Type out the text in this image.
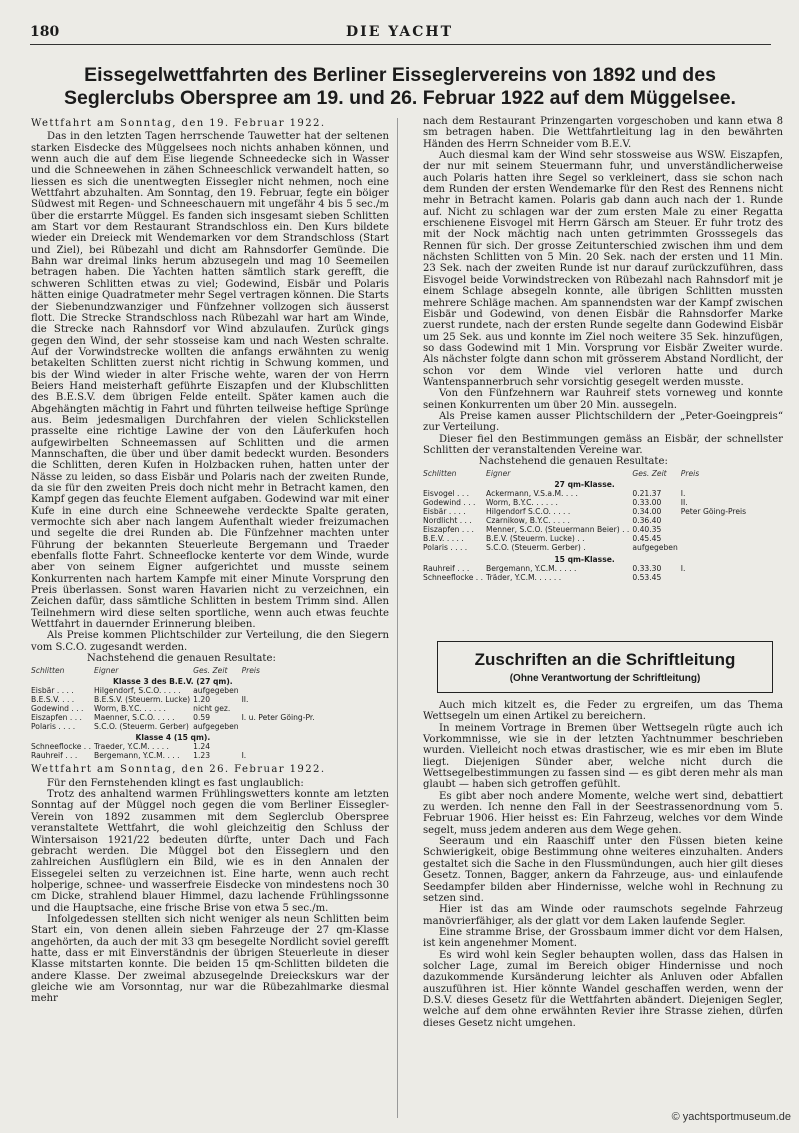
180	DIE YACHT
Eissegelwettfahrten des Berliner Eisseglervereins von 1892 und des Seglerclubs Oberspree am 19. und 26. Februar 1922 auf dem Müggelsee.

Wettfahrt am Sonntag, den 19. Februar 1922.

Das in den letzten Tagen herrschende Tauwetter hat der seltenen starken Eisdecke des Müggelsees noch nichts anhaben können, und wenn auch die auf dem Eise liegende Schneedecke sich in Wasser und die Schneewehen in zähen Schneeschlick verwandelt hatten, so liessen es sich die unentwegten Eissegler nicht nehmen, noch eine Wettfahrt abzuhalten. Am Sonntag, den 19. Februar, fegte ein böiger Südwest mit Regen- und Schneeschauern mit ungefähr 4 bis 5 sec./m über die erstarrte Müggel. Es fanden sich insgesamt sieben Schlitten am Start vor dem Restaurant Strandschloss ein. Den Kurs bildete wieder ein Dreieck mit Wendemarken vor dem Strandschloss (Start und Ziel), bei Rübezahl und dicht am Rahnsdorfer Gemünde. Die Bahn war dreimal links herum abzusegeln und mag 10 Seemeilen betragen haben. Die Yachten hatten sämtlich stark gerefft, die schweren Schlitten etwas zu viel; Godewind, Eisbär und Polaris hätten einige Quadratmeter mehr Segel vertragen können. Die Starts der Siebenundzwanziger und Fünfzehner vollzogen sich äusserst flott. Die Strecke Strandschloss nach Rübezahl war hart am Winde, die Strecke nach Rahnsdorf vor Wind abzulaufen. Zurück gings gegen den Wind, der sehr stosseise kam und nach Westen schralte. Auf der Vorwindstrecke wollten die anfangs erwähnten zu wenig betakelten Schlitten zuerst nicht richtig in Schwung kommen, und bis der Wind wieder in alter Frische wehte, waren der von Herrn Beiers Hand meisterhaft geführte Eiszapfen und der Klubschlitten des B.E.S.V. dem übrigen Felde enteilt. Später kamen auch die Abgehängten mächtig in Fahrt und führten teilweise heftige Sprünge aus. Beim jedesmaligen Durchfahren der vielen Schlickstellen prasselte eine richtige Lawine der von den Läuferkufen hoch aufgewirbelten Schneemassen auf Schlitten und die armen Mannschaften, die über und über damit bedeckt wurden. Besonders die Schlitten, deren Kufen in Holzbacken ruhen, hatten unter der Nässe zu leiden, so dass Eisbär und Polaris nach der zweiten Runde, da sie für den zweiten Preis doch nicht mehr in Betracht kamen, den Kampf gegen das feuchte Element aufgaben. Godewind war mit einer Kufe in eine durch eine Schneewehe verdeckte Spalte geraten, vermochte sich aber nach langem Aufenthalt wieder freizumachen und segelte die drei Runden ab. Die Fünfzehner machten unter Führung der bekannten Steuerleute Bergemann und Traeder ebenfalls flotte Fahrt. Schneeflocke kenterte vor dem Winde, wurde aber von seinem Eigner aufgerichtet und musste seinem Konkurrenten nach hartem Kampfe mit einer Minute Vorsprung den Preis überlassen. Sonst waren Havarien nicht zu verzeichnen, ein Zeichen dafür, dass sämtliche Schlitten in bestem Trimm sind. Allen Teilnehmern wird diese selten sportliche, wenn auch etwas feuchte Wettfahrt in dauernder Erinnerung bleiben.

Als Preise kommen Plichtschilder zur Verteilung, die den Siegern vom S.C.O. zugesandt werden.

Nachstehend die genauen Resultate:

Schlitten	Eigner	Ges. Zeit	Preis
Klasse 3 des B.E.V. (27 qm).			
Eisbär . . . .	Hilgendorf, S.C.O. . . . .	aufgegeben	
B.E.S.V. . . .	B.E.S.V. (Steuerm. Lucke)	1.20	II.
Godewind . . .	Worm, B.Y.C. . . . . .	nicht gez.	
Eiszapfen . . .	Maenner, S.C.O. . . . .	0.59	I. u. Peter Göing-Pr.
Polaris . . . .	S.C.O. (Steuerm. Gerber)	aufgegeben	
Klasse 4 (15 qm).			
Schneeflocke . .	Traeder, Y.C.M. . . . .	1.24	
Rauhreif . . .	Bergemann, Y.C.M. . . .	1.23	I.

Wettfahrt am Sonntag, den 26. Februar 1922.

Für den Fernstehenden klingt es fast unglaublich:

Trotz des anhaltend warmen Frühlingswetters konnte am letzten Sonntag auf der Müggel noch gegen die vom Berliner Eissegler-Verein von 1892 zusammen mit dem Seglerclub Oberspree veranstaltete Wettfahrt, die wohl gleichzeitig den Schluss der Wintersaison 1921/22 bedeuten dürfte, unter Dach und Fach gebracht werden. Die Müggel bot den Eisseglern und den zahlreichen Ausflüglern ein Bild, wie es in den Annalen der Eissegelei selten zu verzeichnen ist. Eine harte, wenn auch recht holperige, schnee- und wasserfreie Eisdecke von mindestens noch 30 cm Dicke, strahlend blauer Himmel, dazu lachende Frühlingssonne und die Hauptsache, eine frische Brise von etwa 5 sec./m.

Infolgedessen stellten sich nicht weniger als neun Schlitten beim Start ein, von denen allein sieben Fahrzeuge der 27 qm-Klasse angehörten, da auch der mit 33 qm besegelte Nordlicht soviel gerefft hatte, dass er mit Einverständnis der übrigen Steuerleute in dieser Klasse mitstarten konnte. Die beiden 15 qm-Schlitten bildeten die andere Klasse. Der zweimal abzusegelnde Dreieckskurs war der gleiche wie am Vorsonntag, nur war die Rübezahlmarke diesmal mehr

nach dem Restaurant Prinzengarten vorgeschoben und kann etwa 8 sm betragen haben. Die Wettfahrtleitung lag in den bewährten Händen des Herrn Schneider vom B.E.V.

Auch diesmal kam der Wind sehr stossweise aus WSW. Eiszapfen, der nur mit seinem Steuermann fuhr, und unverständlicherweise auch Polaris hatten ihre Segel so verkleinert, dass sie schon nach dem Runden der ersten Wendemarke für den Rest des Rennens nicht mehr in Betracht kamen. Polaris gab dann auch nach der 1. Runde auf. Nicht zu schlagen war der zum ersten Male zu einer Regatta erschienene Eisvogel mit Herrn Gärsch am Steuer. Er fuhr trotz des mit der Nock mächtig nach unten getrimmten Grosssegels das Rennen für sich. Der grosse Zeitunterschied zwischen ihm und dem nächsten Schlitten von 5 Min. 20 Sek. nach der ersten und 11 Min. 23 Sek. nach der zweiten Runde ist nur darauf zurückzuführen, dass Eisvogel beide Vorwindstrecken von Rübezahl nach Rahnsdorf mit je einem Schlage absegeln konnte, alle übrigen Schlitten mussten mehrere Schläge machen. Am spannendsten war der Kampf zwischen Eisbär und Godewind, von denen Eisbär die Rahnsdorfer Marke zuerst rundete, nach der ersten Runde segelte dann Godewind Eisbär um 25 Sek. aus und konnte im Ziel noch weitere 35 Sek. hinzufügen, so dass Godewind mit 1 Min. Vorsprung vor Eisbär Zweiter wurde. Als nächster folgte dann schon mit grösserem Abstand Nordlicht, der schon vor dem Winde viel verloren hatte und durch Wantenspannerbruch sehr vorsichtig gesegelt werden musste.

Von den Fünfzehnern war Rauhreif stets vorneweg und konnte seinen Konkurrenten um über 20 Min. aussegeln.

Als Preise kamen ausser Plichtschildern der „Peter-Goeingpreis“ zur Verteilung.

Dieser fiel den Bestimmungen gemäss an Eisbär, der schnellster Schlitten der veranstaltenden Vereine war.

Nachstehend die genauen Resultate:

Schlitten	Eigner	Ges. Zeit	Preis
27 qm-Klasse.			
Eisvogel . . .	Ackermann, V.S.a.M. . . .	0.21.37	I.
Godewind . . .	Worm, B.Y.C. . . . . .	0.33.00	II.
Eisbär . . . .	Hilgendorf S.C.O. . . . .	0.34.00	Peter Göing-Preis
Nordlicht . . .	Czarnikow, B.Y.C. . . . .	0.36.40	
Eiszapfen . . .	Menner, S.C.O. (Steuermann Beier) . .	0.40.35	
B.E.V. . . . .	B.E.V. (Steuerm. Lucke) . .	0.45.45	
Polaris . . . .	S.C.O. (Steuerm. Gerber) .	aufgegeben	
15 qm-Klasse.			
Rauhreif . . .	Bergemann, Y.C.M. . . . .	0.33.30	I.
Schneeflocke . .	Träder, Y.C.M. . . . . .	0.53.45	
Zuschriften an die Schriftleitung
(Ohne Verantwortung der Schriftleitung)

Auch mich kitzelt es, die Feder zu ergreifen, um das Thema Wettsegeln um einen Artikel zu bereichern.

In meinem Vortrage in Bremen über Wettsegeln rügte auch ich Vorkommnisse, wie sie in der letzten Yachtnummer beschrieben wurden. Vielleicht noch etwas drastischer, wie es mir eben im Blute liegt. Diejenigen Sünder aber, welche nicht durch die Wettsegelbestimmungen zu fassen sind — es gibt deren mehr als man glaubt — haben sich getroffen gefühlt.

Es gibt aber noch andere Momente, welche wert sind, debattiert zu werden. Ich nenne den Fall in der Seestrassenordnung vom 5. Februar 1906. Hier heisst es: Ein Fahrzeug, welches vor dem Winde segelt, muss jedem anderen aus dem Wege gehen.

Seeraum und ein Raaschiff unter den Füssen bieten keine Schwierigkeit, obige Bestimmung ohne weiteres einzuhalten. Anders gestaltet sich die Sache in den Flussmündungen, auch hier gilt dieses Gesetz. Tonnen, Bagger, ankern da Fahrzeuge, aus- und einlaufende Seedampfer bilden aber Hindernisse, welche wohl in Rechnung zu setzen sind.

Hier ist das am Winde oder raumschots segelnde Fahrzeug manövrierfähiger, als der glatt vor dem Laken laufende Segler.

Eine stramme Brise, der Grossbaum immer dicht vor dem Halsen, ist kein angenehmer Moment.

Es wird wohl kein Segler behaupten wollen, dass das Halsen in solcher Lage, zumal im Bereich obiger Hindernisse und noch dazukommende Kursänderung leichter als Anluven oder Abfallen auszuführen ist. Hier könnte Wandel geschaffen werden, wenn der D.S.V. dieses Gesetz für die Wettfahrten abändert. Diejenigen Segler, welche auf dem ohne erwähnten Revier ihre Strasse ziehen, dürfen dieses Gesetz nicht umgehen.

© yachtsportmuseum.de
